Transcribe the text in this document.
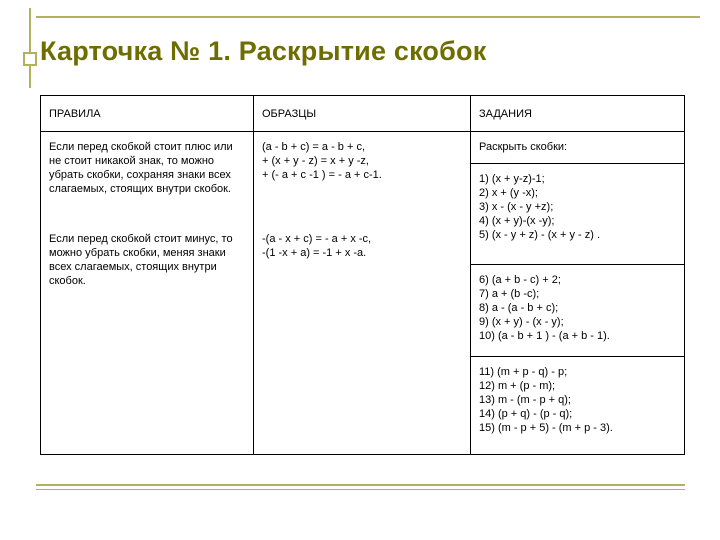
Карточка № 1. Раскрытие скобок
ПРАВИЛА	ОБРАЗЦЫ	ЗАДАНИЯ

Если перед скобкой стоит плюс или не стоит никакой знак, то можно убрать скобки, сохраняя знаки всех слагаемых, стоящих внутри скобок.

Если перед скобкой стоит минус, то можно убрать скобки, меняя знаки всех слагаемых, стоящих внутри скобок.

(a - b + c) = a - b + c,
+ (x + y - z) = x + y -z,
+ (- a + c -1 ) = - a + c-1.
-(a - x + c) = - a + x -c,
-(1 -x + a) = -1 + x -a.
Раскрыть скобки:
1) (x + y-z)-1;
2) x + (y -x);
3) x - (x - y +z);
4) (x + y)-(x -y);
5) (x - y + z) - (x + y - z) .
6) (a + b - c) + 2;
7) a + (b -c);
8) a - (a - b + c);
9) (x + y) - (x - y);
10) (a - b + 1 ) - (a + b - 1).
11) (m + p - q) - p;
12) m + (p - m);
13) m - (m - p + q);
14) (p + q) - (p - q);
15) (m - p + 5) - (m + p - 3).
